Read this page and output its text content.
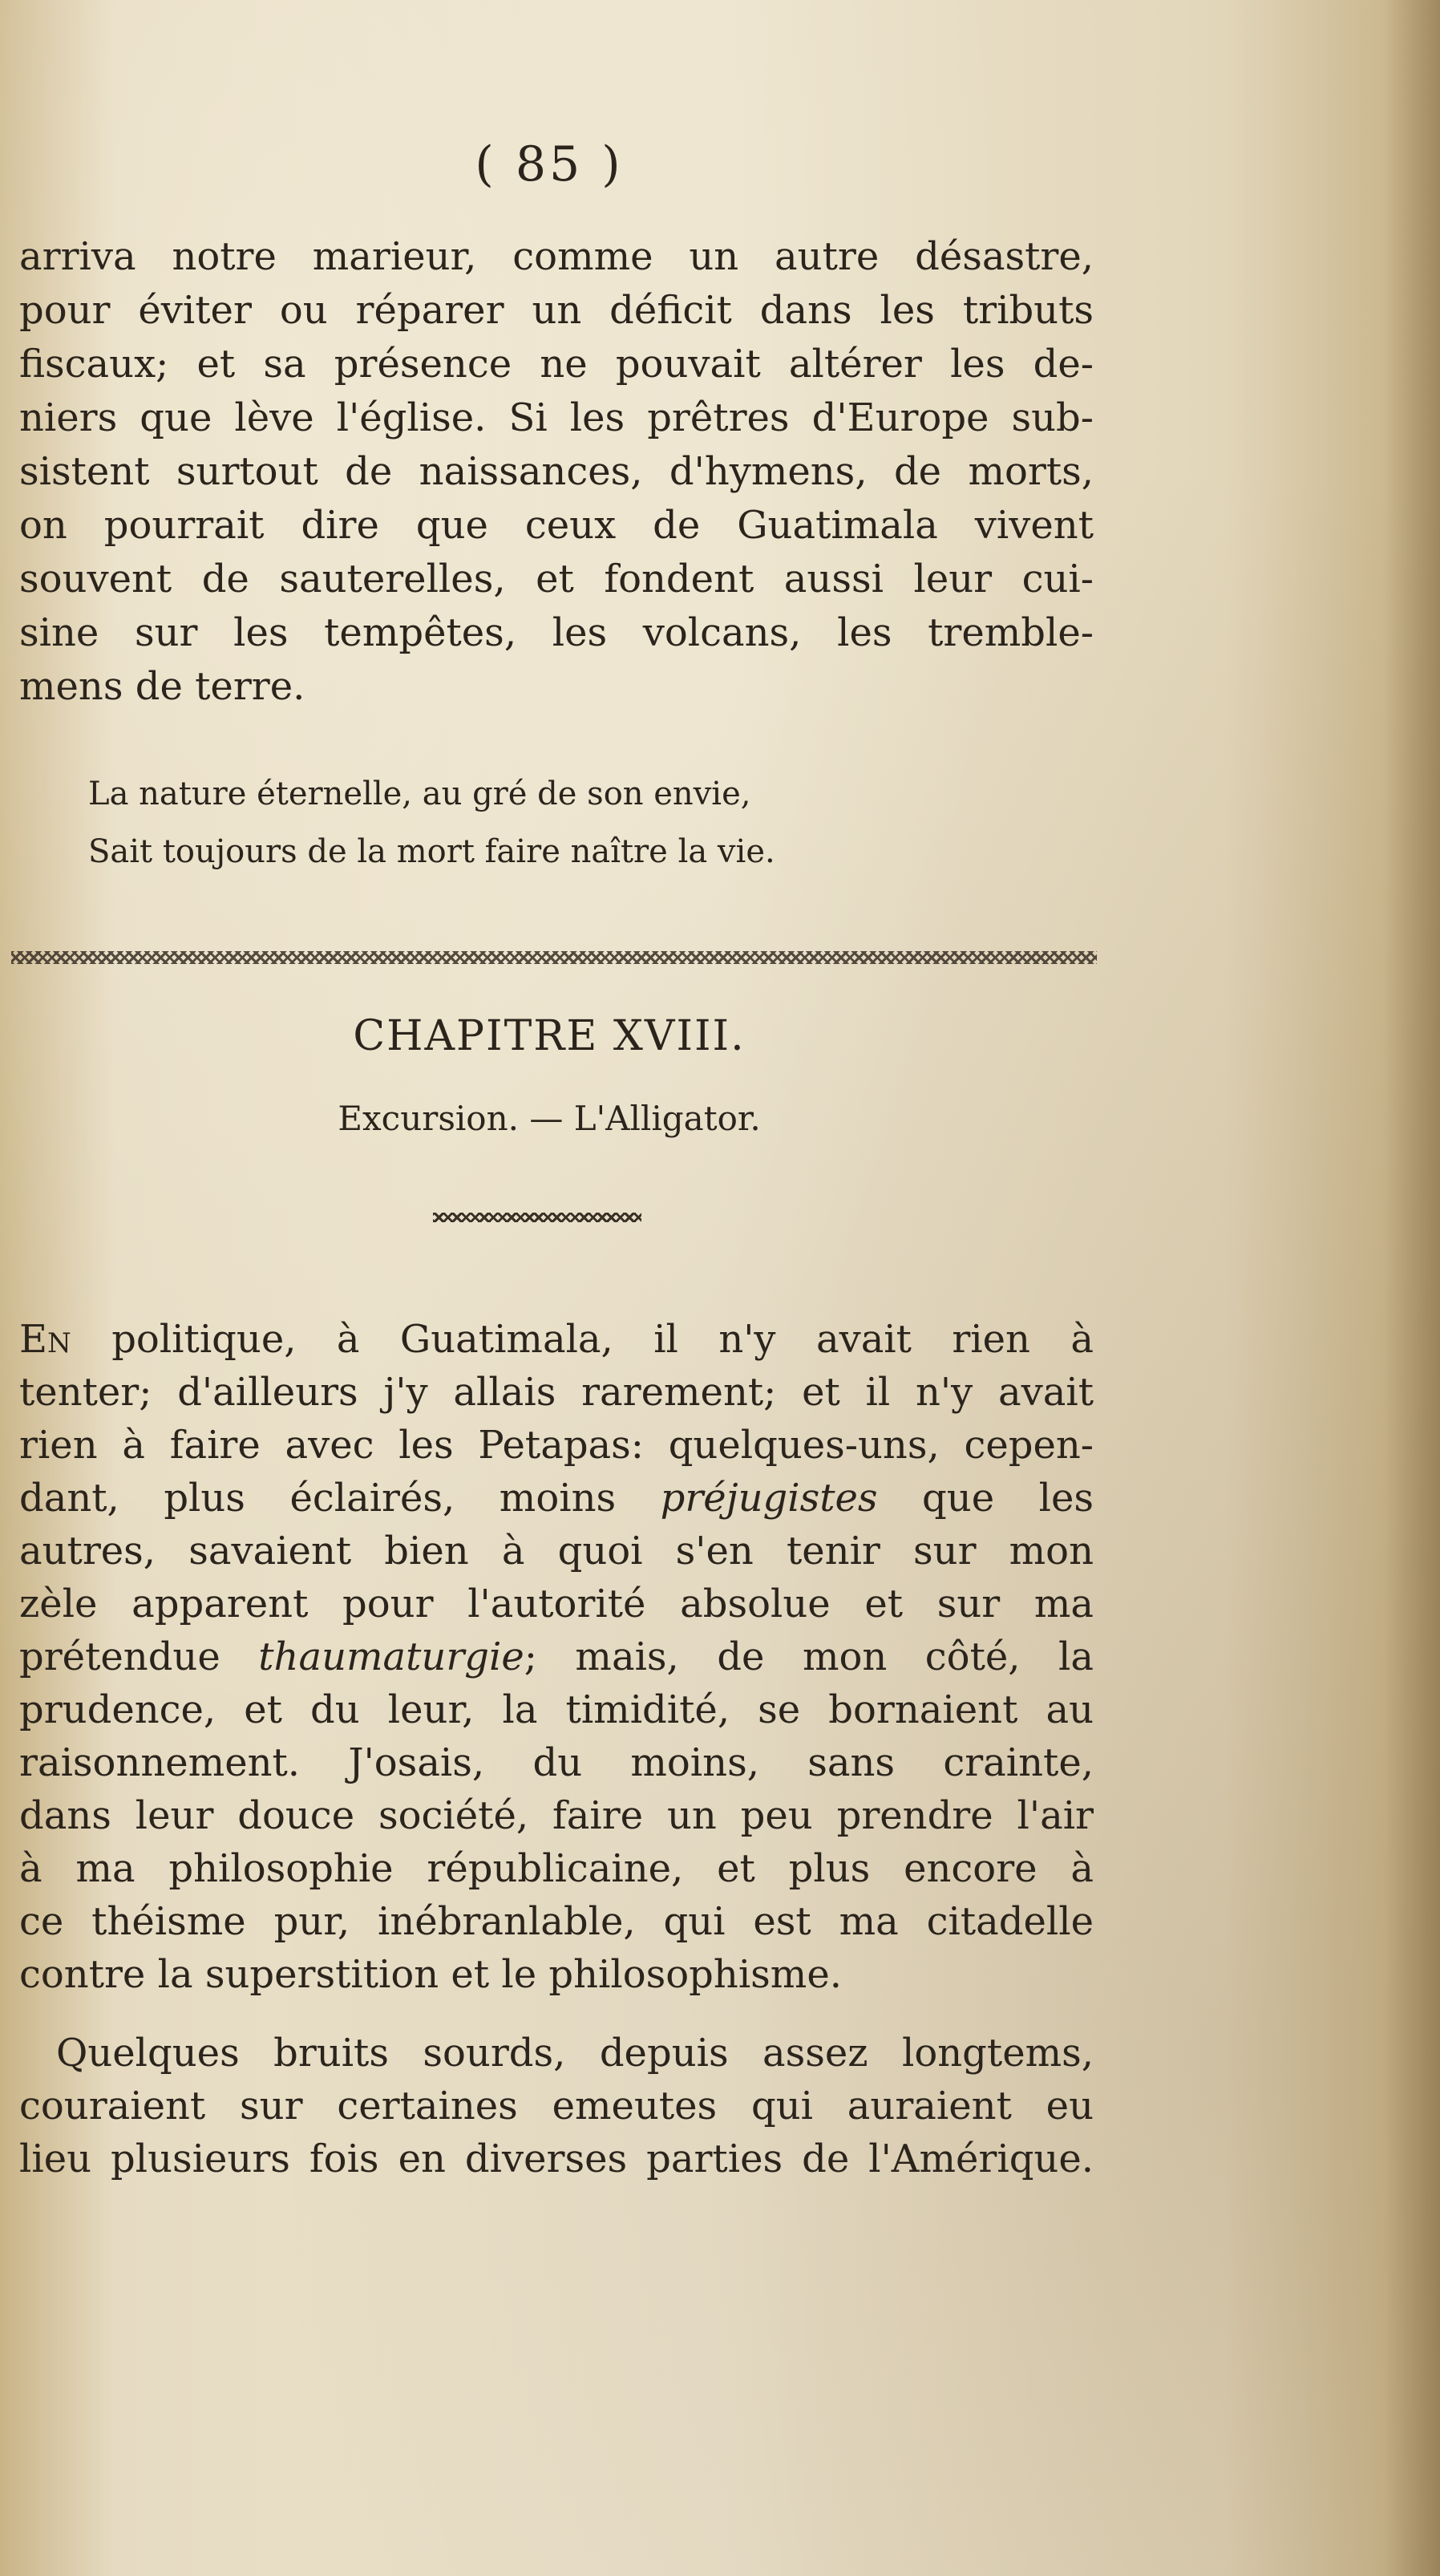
( 85 )
arriva notre marieur, comme un autre désastre,
pour éviter ou réparer un déficit dans les tributs
fiscaux; et sa présence ne pouvait altérer les de-
niers que lève l'église. Si les prêtres d'Europe sub-
sistent surtout de naissances, d'hymens, de morts,
on pourrait dire que ceux de Guatimala vivent
souvent de sauterelles, et fondent aussi leur cui-
sine sur les tempêtes, les volcans, les tremble-
mens de terre.
La nature éternelle, au gré de son envie,
Sait toujours de la mort faire naître la vie.
CHAPITRE XVIII.
Excursion. — L'Alligator.
En politique, à Guatimala, il n'y avait rien à
tenter; d'ailleurs j'y allais rarement; et il n'y avait
rien à faire avec les Petapas: quelques-uns, cepen-
dant, plus éclairés, moins préjugistes que les
autres, savaient bien à quoi s'en tenir sur mon
zèle apparent pour l'autorité absolue et sur ma
prétendue thaumaturgie; mais, de mon côté, la
prudence, et du leur, la timidité, se bornaient au
raisonnement. J'osais, du moins, sans crainte,
dans leur douce société, faire un peu prendre l'air
à ma philosophie républicaine, et plus encore à
ce théisme pur, inébranlable, qui est ma citadelle
contre la superstition et le philosophisme.
Quelques bruits sourds, depuis assez longtems,
couraient sur certaines emeutes qui auraient eu
lieu plusieurs fois en diverses parties de l'Amérique.
